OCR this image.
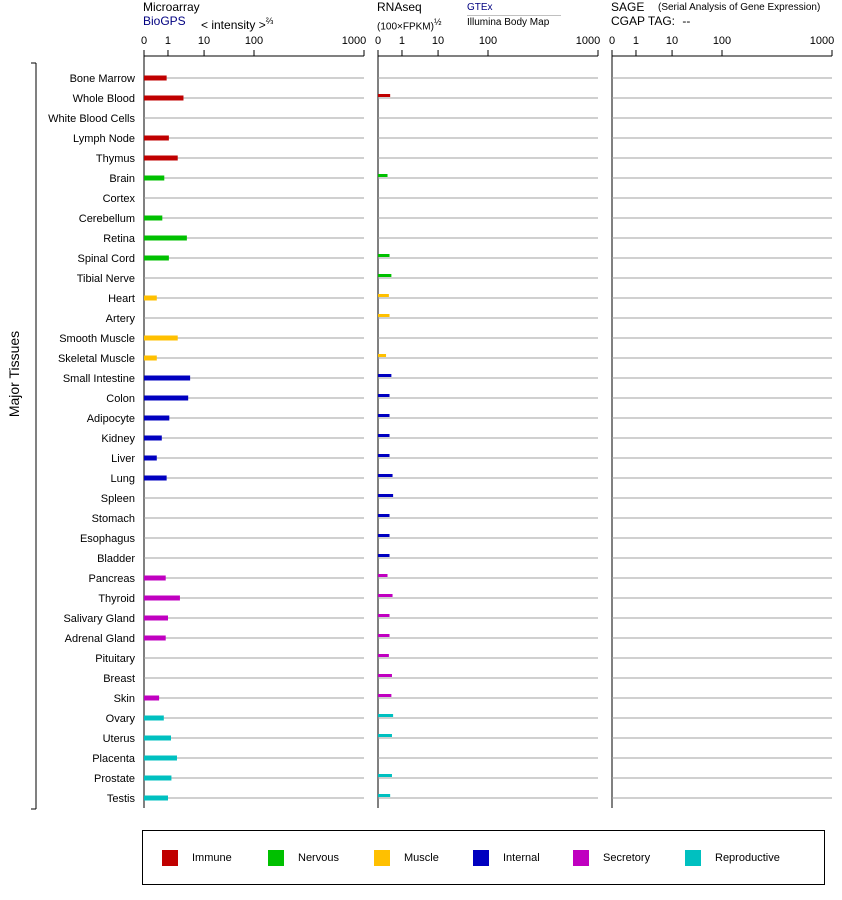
Major Tissues
0 1 10	100	1000 0 1 10	100	1000 0 1 10	100	1000
Bone Marrow
Whole Blood
White Blood Cells
Lymph Node
Thymus
Brain
Cortex
Cerebellum
Retina
Spinal Cord
Tibial Nerve
Heart
Artery
Smooth Muscle
Skeletal Muscle
Small Intestine
Colon
Adipocyte
Kidney
Liver
Lung
Spleen
Stomach
Esophagus
Bladder
Pancreas
Thyroid
Salivary Gland
Adrenal Gland
Pituitary
Breast
Skin
Ovary
Uterus
Placenta
Prostate
Testis
Microarray
BioGPS < intensity >$^{\frac{2}{3}}$
RNAseq
(100×FPKM)$^{\frac{1}{2}}$
GTEx
Illumina Body Map
SAGE (Serial Analysis of Gene Expression)
CGAP TAG: --
Immune	Nervous	Muscle	Internal	Secretory	Reproductive
